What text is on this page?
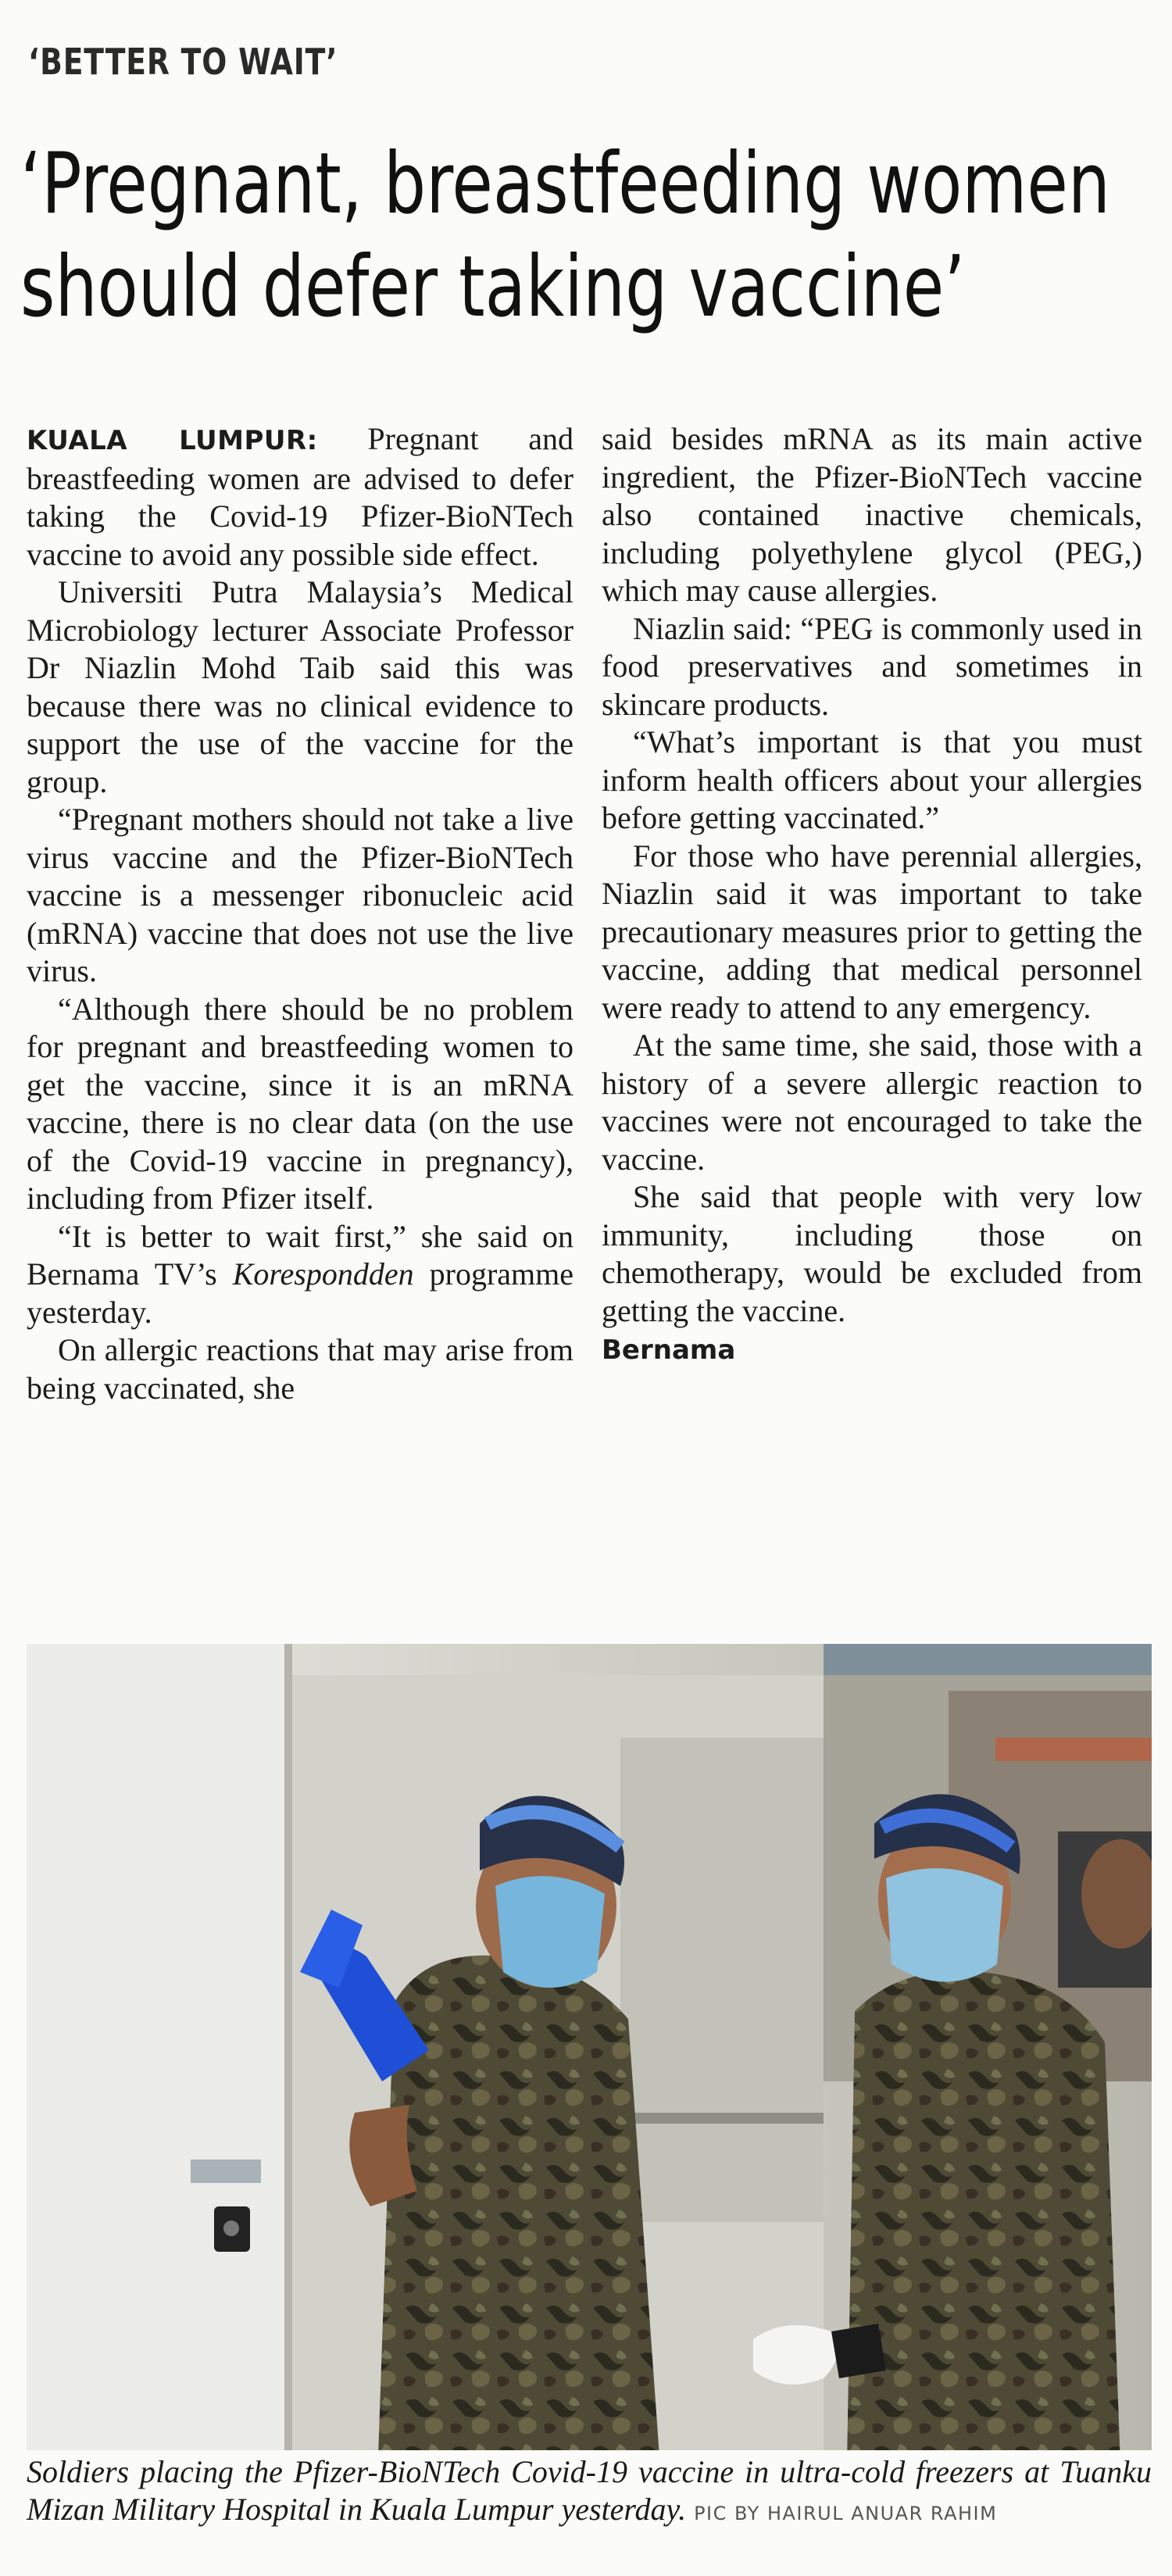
‘BETTER TO WAIT’
‘Pregnant, breastfeeding women
should defer taking vaccine’

KUALA LUMPUR: Pregnant and breastfeeding women are advised to defer taking the Covid-19 Pfizer-BioNTech vaccine to avoid any possible side effect.

Universiti Putra Malaysia’s Medical Microbiology lecturer Associate Professor Dr Niazlin Mohd Taib said this was because there was no clinical evidence to support the use of the vaccine for the group.

“Pregnant mothers should not take a live virus vaccine and the Pfizer-BioNTech vaccine is a messenger ribonucleic acid (mRNA) vaccine that does not use the live virus.

“Although there should be no problem for pregnant and breastfeeding women to get the vaccine, since it is an mRNA vaccine, there is no clear data (on the use of the Covid-19 vaccine in pregnancy), including from Pfizer itself.

“It is better to wait first,” she said on Bernama TV’s Korespondden programme yesterday.

On allergic reactions that may arise from being vaccinated, she

said besides mRNA as its main active ingredient, the Pfizer-BioNTech vaccine also contained inactive chemicals, including polyethylene glycol (PEG,) which may cause allergies.

Niazlin said: “PEG is commonly used in food preservatives and sometimes in skincare products.

“What’s important is that you must inform health officers about your allergies before getting vaccinated.”

For those who have perennial allergies, Niazlin said it was important to take precautionary measures prior to getting the vaccine, adding that medical personnel were ready to attend to any emergency.

At the same time, she said, those with a history of a severe allergic reaction to vaccines were not encouraged to take the vaccine.

She said that people with very low immunity, including those on chemotherapy, would be excluded from getting the vaccine.

Bernama

Soldiers placing the Pfizer-BioNTech Covid-19 vaccine in ultra-cold freezers at Tuanku Mizan Military Hospital in Kuala Lumpur yesterday. PIC BY HAIRUL ANUAR RAHIM
